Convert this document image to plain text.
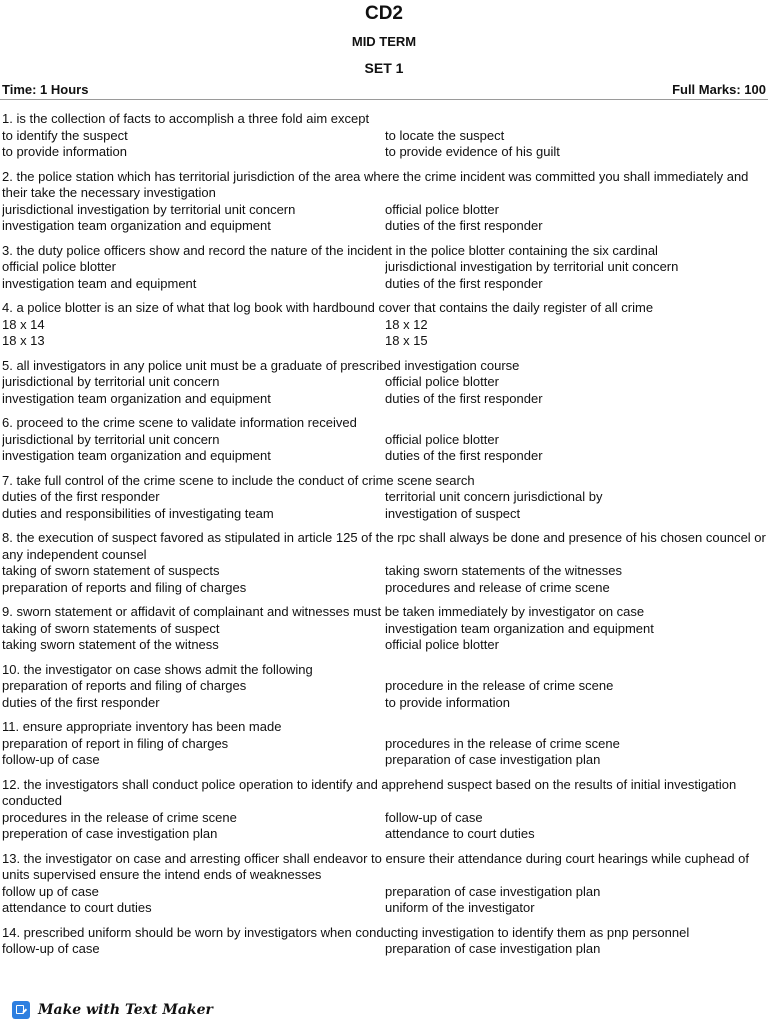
CD2
MID TERM
SET 1
Time: 1 Hours	Full Marks: 100
1. is the collection of facts to accomplish a three fold aim except
to identify the suspect	to locate the suspect
to provide information	to provide evidence of his guilt
2. the police station which has territorial jurisdiction of the area where the crime incident was committed you shall immediately and their take the necessary investigation
jurisdictional investigation by territorial unit concern	official police blotter
investigation team organization and equipment	duties of the first responder
3. the duty police officers show and record the nature of the incident in the police blotter containing the six cardinal
official police blotter	jurisdictional investigation by territorial unit concern
investigation team and equipment	duties of the first responder
4. a police blotter is an size of what that log book with hardbound cover that contains the daily register of all crime
18 x 14	18 x 12
18 x 13	18 x 15
5. all investigators in any police unit must be a graduate of prescribed investigation course
jurisdictional by territorial unit concern	official police blotter
investigation team organization and equipment	duties of the first responder
6. proceed to the crime scene to validate information received
jurisdictional by territorial unit concern	official police blotter
investigation team organization and equipment	duties of the first responder
7. take full control of the crime scene to include the conduct of crime scene search
duties of the first responder	territorial unit concern jurisdictional by
duties and responsibilities of investigating team	investigation of suspect
8. the execution of suspect favored as stipulated in article 125 of the rpc shall always be done and presence of his chosen councel or any independent counsel
taking of sworn statement of suspects	taking sworn statements of the witnesses
preparation of reports and filing of charges	procedures and release of crime scene
9. sworn statement or affidavit of complainant and witnesses must be taken immediately by investigator on case
taking of sworn statements of suspect	investigation team organization and equipment
taking sworn statement of the witness	official police blotter
10. the investigator on case shows admit the following
preparation of reports and filing of charges	procedure in the release of crime scene
duties of the first responder	to provide information
11. ensure appropriate inventory has been made
preparation of report in filing of charges	procedures in the release of crime scene
follow-up of case	preparation of case investigation plan
12. the investigators shall conduct police operation to identify and apprehend suspect based on the results of initial investigation conducted
procedures in the release of crime scene	follow-up of case
preperation of case investigation plan	attendance to court duties
13. the investigator on case and arresting officer shall endeavor to ensure their attendance during court hearings while cuphead of units supervised ensure the intend ends of weaknesses
follow up of case	preparation of case investigation plan
attendance to court duties	uniform of the investigator
14. prescribed uniform should be worn by investigators when conducting investigation to identify them as pnp personnel
follow-up of case	preparation of case investigation plan
Make with Text Maker
